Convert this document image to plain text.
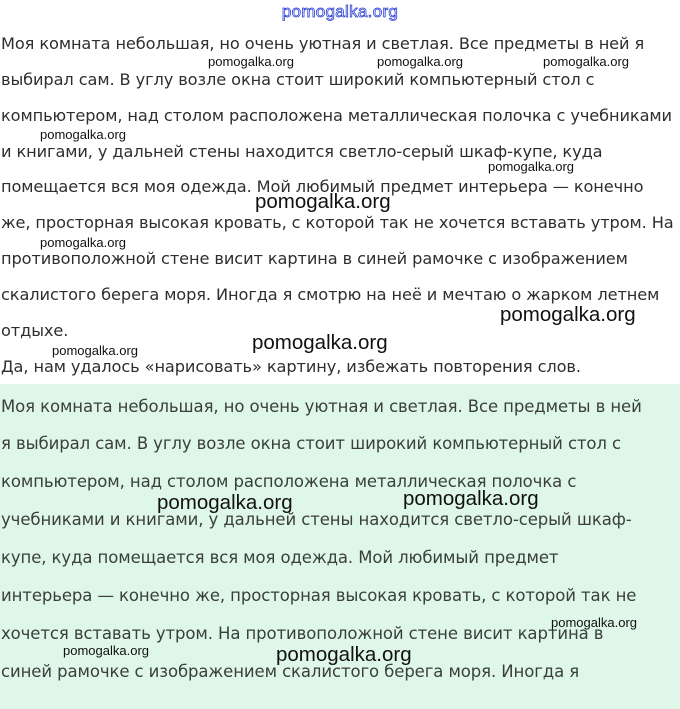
pomogalka.org
Моя комната небольшая, но очень уютная и светлая. Все предметы в ней я
выбирал сам. В углу возле окна стоит широкий компьютерный стол с
компьютером, над столом расположена металлическая полочка с учебниками
и книгами, у дальней стены находится светло-серый шкаф-купе, куда
помещается вся моя одежда. Мой любимый предмет интерьера — конечно
же, просторная высокая кровать, с которой так не хочется вставать утром. На
противоположной стене висит картина в синей рамочке с изображением
скалистого берега моря. Иногда я смотрю на неё и мечтаю о жарком летнем
отдыхе.
Да, нам удалось «нарисовать» картину, избежать повторения слов.
Моя комната небольшая, но очень уютная и светлая. Все предметы в ней
я выбирал сам. В углу возле окна стоит широкий компьютерный стол с
компьютером, над столом расположена металлическая полочка с
учебниками и книгами, у дальней стены находится светло-серый шкаф-
купе, куда помещается вся моя одежда. Мой любимый предмет
интерьера — конечно же, просторная высокая кровать, с которой так не
хочется вставать утром. На противоположной стене висит картина в
синей рамочке с изображением скалистого берега моря. Иногда я
pomogalka.org	pomogalka.org	pomogalka.org
pomogalka.org
pomogalka.org
pomogalka.org
pomogalka.org
pomogalka.org
pomogalka.org
pomogalka.org
pomogalka.org	pomogalka.org
pomogalka.org
pomogalka.org	pomogalka.org
